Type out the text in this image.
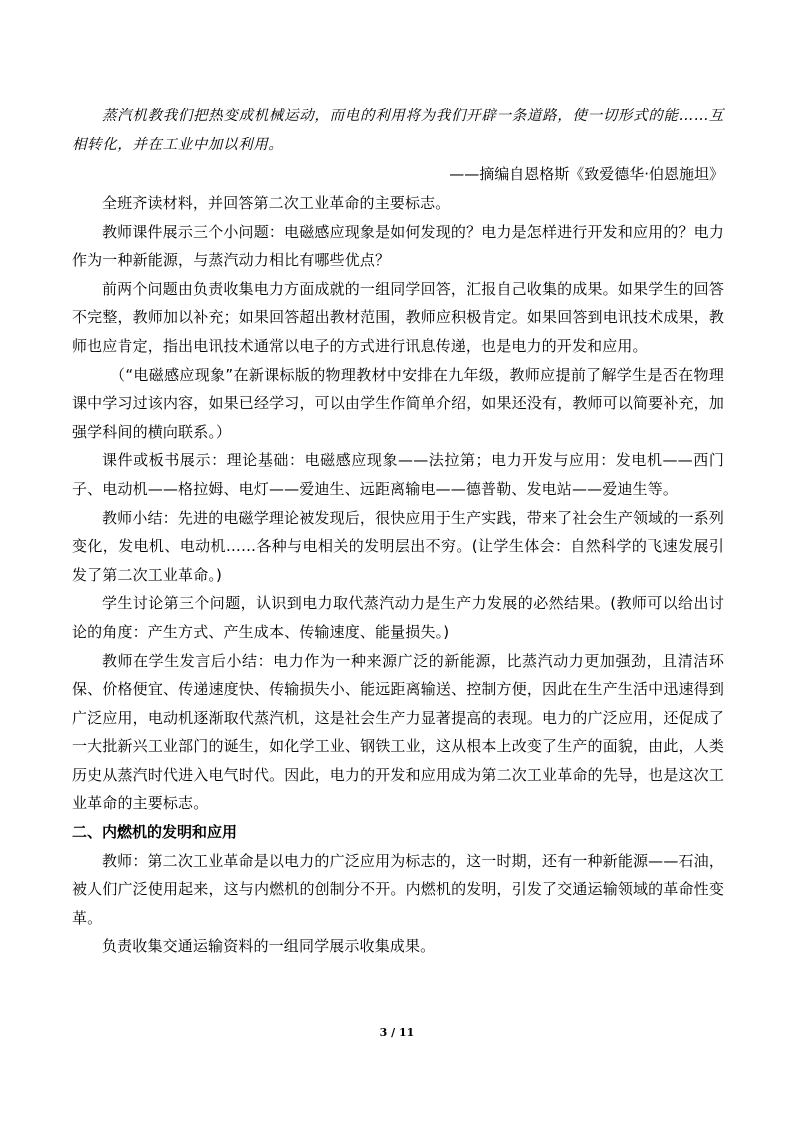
蒸汽机教我们把热变成机械运动，而电的利用将为我们开辟一条道路，使一切形式的能……互相转化，并在工业中加以利用。

——摘编自恩格斯《致爱德华·伯恩施坦》

全班齐读材料，并回答第二次工业革命的主要标志。

教师课件展示三个小问题：电磁感应现象是如何发现的？电力是怎样进行开发和应用的？电力作为一种新能源，与蒸汽动力相比有哪些优点？

前两个问题由负责收集电力方面成就的一组同学回答，汇报自己收集的成果。如果学生的回答不完整，教师加以补充；如果回答超出教材范围，教师应积极肯定。如果回答到电讯技术成果，教师也应肯定，指出电讯技术通常以电子的方式进行讯息传递，也是电力的开发和应用。

（“电磁感应现象”在新课标版的物理教材中安排在九年级，教师应提前了解学生是否在物理课中学习过该内容，如果已经学习，可以由学生作简单介绍，如果还没有，教师可以简要补充，加强学科间的横向联系。）

课件或板书展示：理论基础：电磁感应现象——法拉第；电力开发与应用：发电机——西门子、电动机——格拉姆、电灯——爱迪生、远距离输电——德普勒、发电站——爱迪生等。

教师小结：先进的电磁学理论被发现后，很快应用于生产实践，带来了社会生产领域的一系列变化，发电机、电动机……各种与电相关的发明层出不穷。(让学生体会：自然科学的飞速发展引发了第二次工业革命。)

学生讨论第三个问题，认识到电力取代蒸汽动力是生产力发展的必然结果。(教师可以给出讨论的角度：产生方式、产生成本、传输速度、能量损失。)

教师在学生发言后小结：电力作为一种来源广泛的新能源，比蒸汽动力更加强劲，且清洁环保、价格便宜、传递速度快、传输损失小、能远距离输送、控制方便，因此在生产生活中迅速得到广泛应用，电动机逐渐取代蒸汽机，这是社会生产力显著提高的表现。电力的广泛应用，还促成了一大批新兴工业部门的诞生，如化学工业、钢铁工业，这从根本上改变了生产的面貌，由此，人类历史从蒸汽时代进入电气时代。因此，电力的开发和应用成为第二次工业革命的先导，也是这次工业革命的主要标志。

二、内燃机的发明和应用

教师：第二次工业革命是以电力的广泛应用为标志的，这一时期，还有一种新能源——石油，被人们广泛使用起来，这与内燃机的创制分不开。内燃机的发明，引发了交通运输领域的革命性变革。

负责收集交通运输资料的一组同学展示收集成果。

3 / 11
